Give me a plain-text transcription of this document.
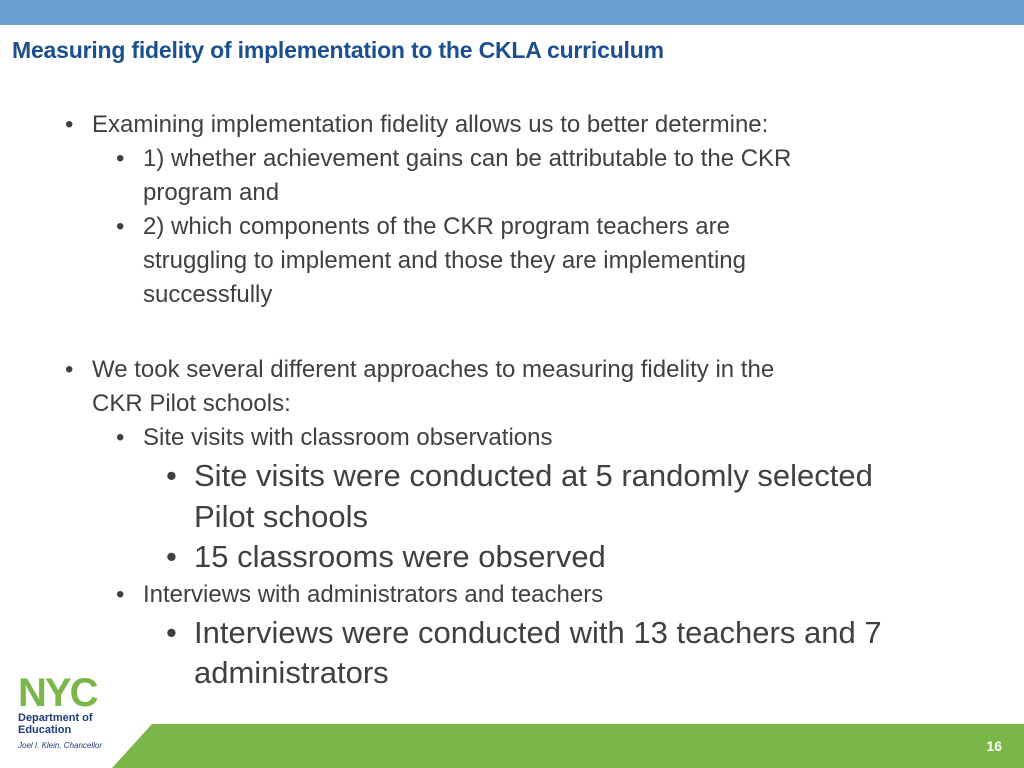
Measuring fidelity of implementation to the CKLA curriculum
• Examining implementation fidelity allows us to better determine:

• 1) whether achievement gains can be attributable to the CKR

program and

• 2) which components of the CKR program teachers are

struggling to implement and those they are implementing

successfully

• We took several different approaches to measuring fidelity in the

CKR Pilot schools:

• Site visits with classroom observations

• Site visits were conducted at 5 randomly selected

Pilot schools

• 15 classrooms were observed

• Interviews with administrators and teachers

• Interviews were conducted with 13 teachers and 7

administrators

16
NYC

Department of

Education

Joel I. Klein, Chancellor
